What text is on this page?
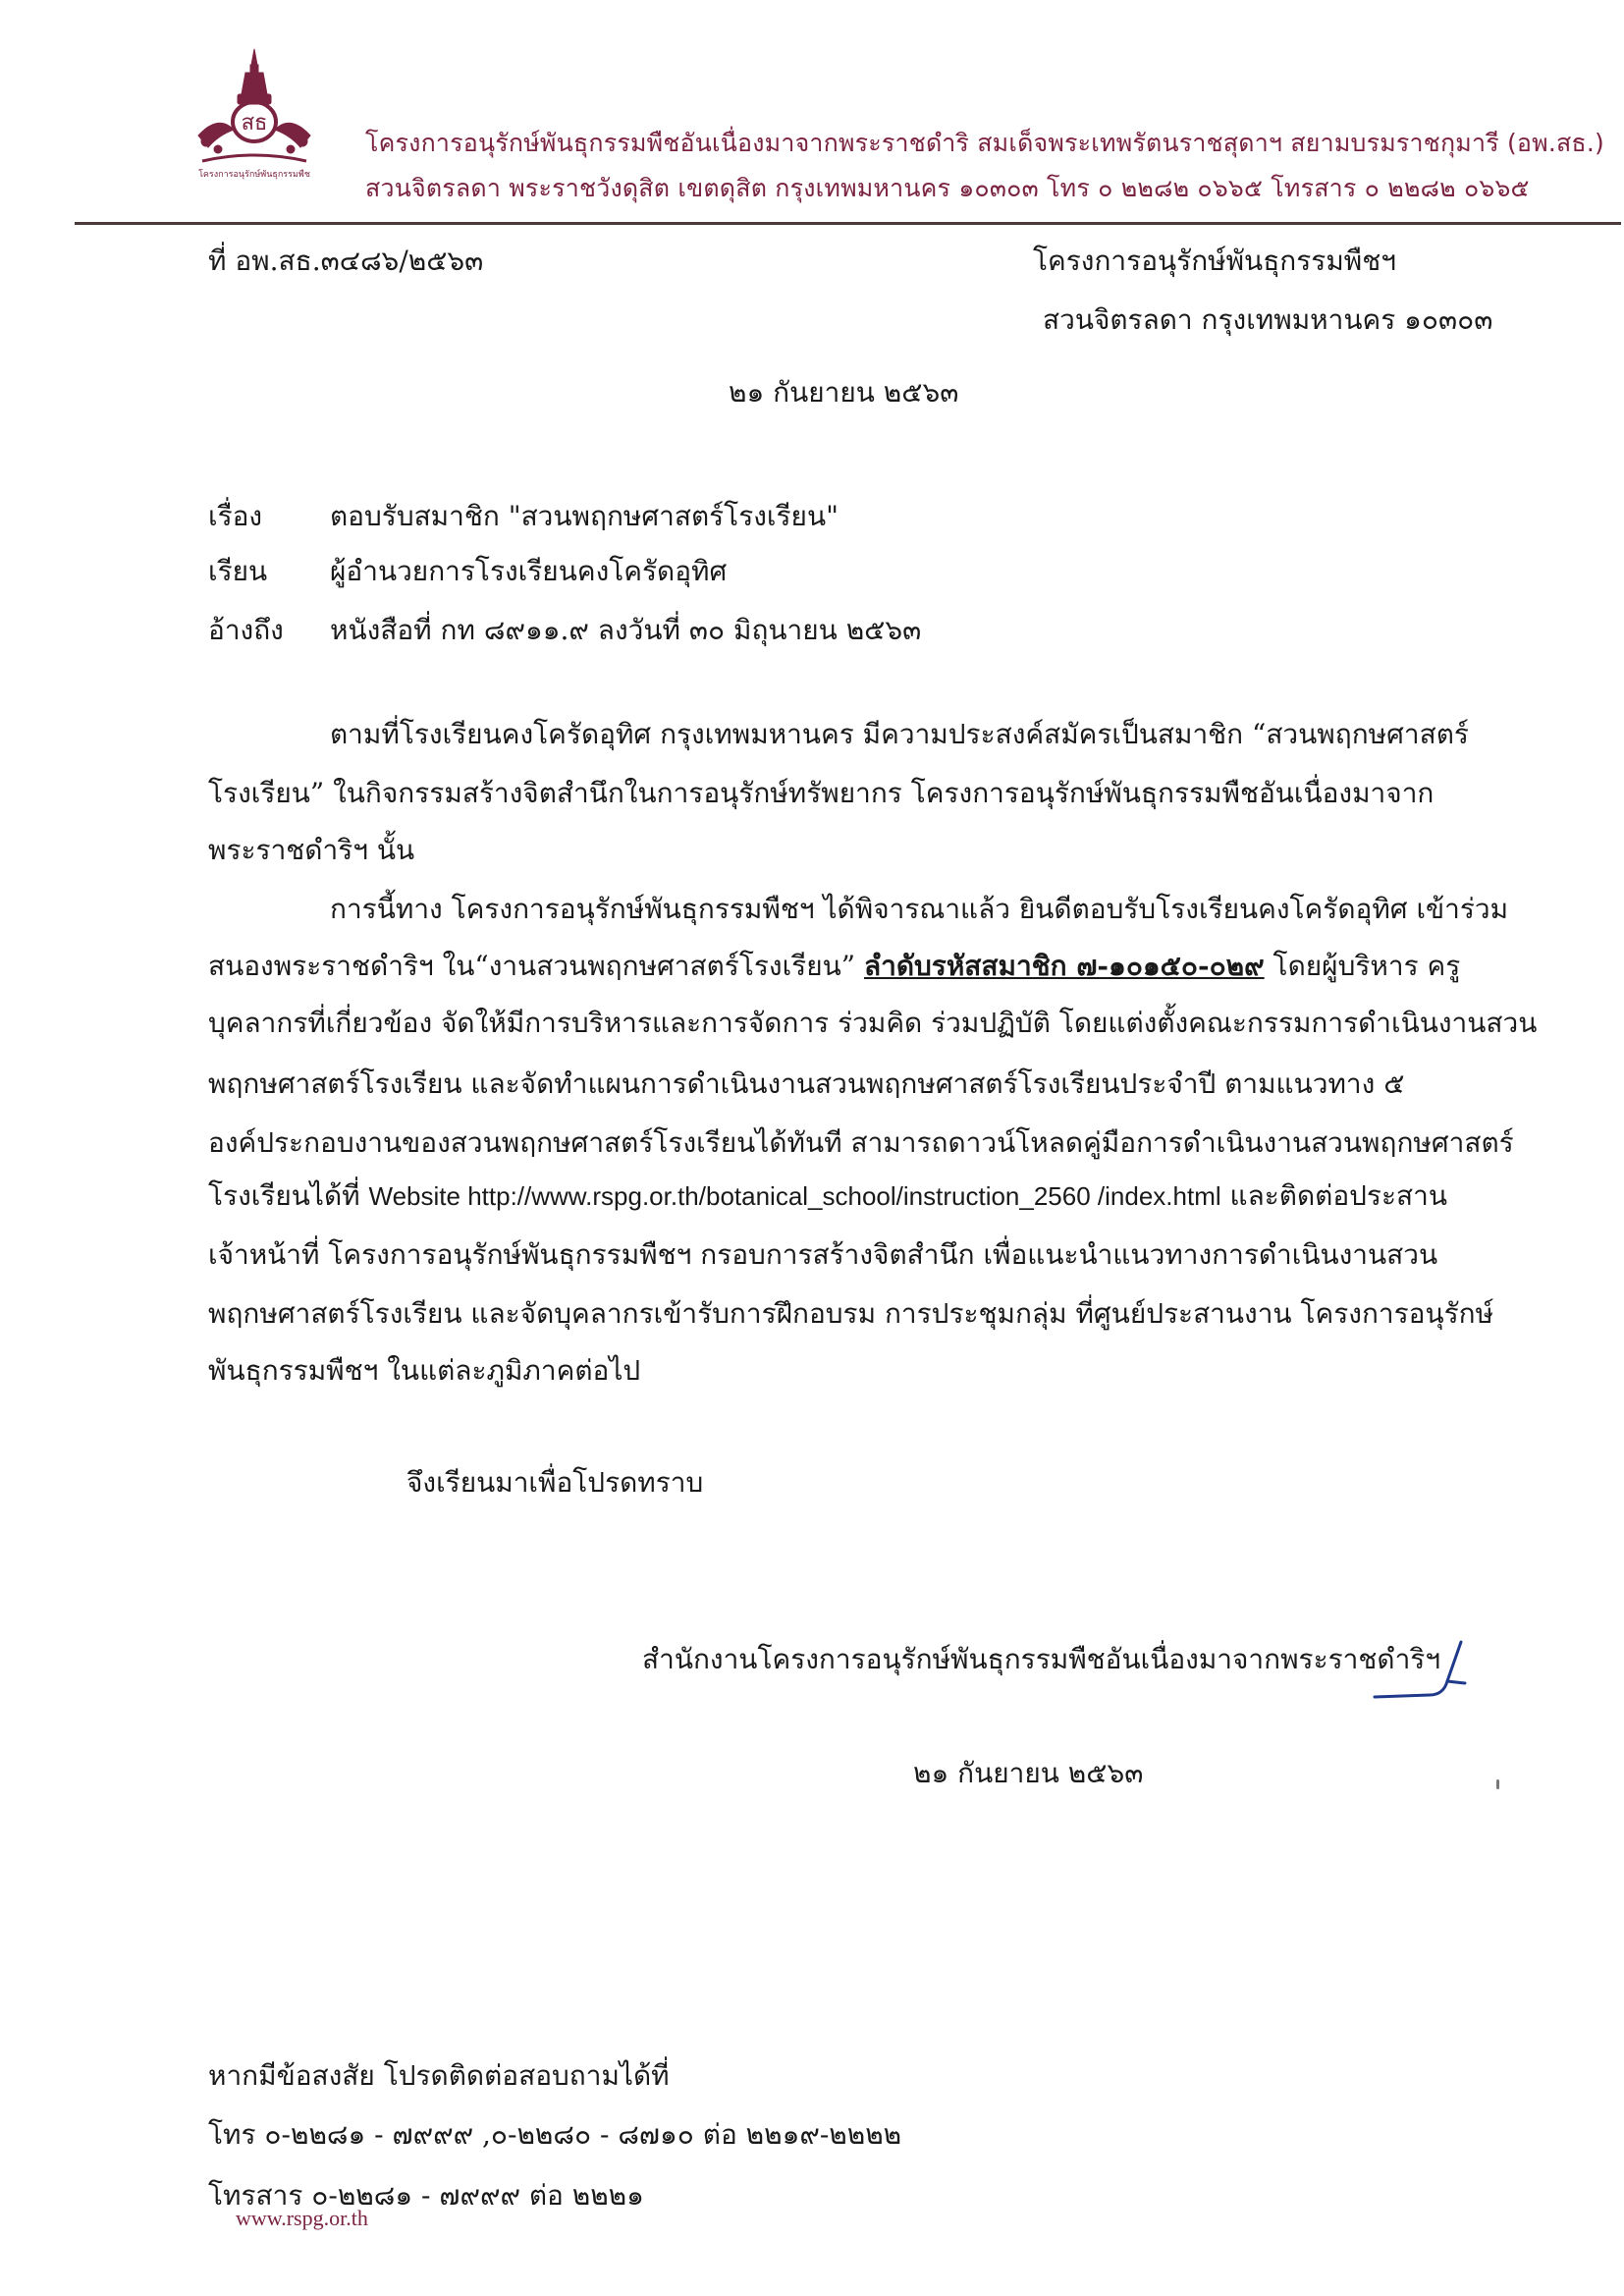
สธ
โครงการอนุรักษ์พันธุกรรมพืช
โครงการอนุรักษ์พันธุกรรมพืชอันเนื่องมาจากพระราชดำริ สมเด็จพระเทพรัตนราชสุดาฯ สยามบรมราชกุมารี (อพ.สธ.)
สวนจิตรลดา พระราชวังดุสิต เขตดุสิต กรุงเทพมหานคร ๑๐๓๐๓ โทร ๐ ๒๒๘๒ ๐๖๖๕ โทรสาร ๐ ๒๒๘๒ ๐๖๖๕
ที่ อพ.สธ.๓๔๘๖/๒๕๖๓	โครงการอนุรักษ์พันธุกรรมพืชฯ
สวนจิตรลดา กรุงเทพมหานคร ๑๐๓๐๓
๒๑ กันยายน ๒๕๖๓
เรื่อง ตอบรับสมาชิก "สวนพฤกษศาสตร์โรงเรียน"
เรียน ผู้อำนวยการโรงเรียนคงโครัดอุทิศ
อ้างถึง หนังสือที่ กท ๘๙๑๑.๙ ลงวันที่ ๓๐ มิถุนายน ๒๕๖๓
ตามที่โรงเรียนคงโครัดอุทิศ กรุงเทพมหานคร มีความประสงค์สมัครเป็นสมาชิก “สวนพฤกษศาสตร์
โรงเรียน” ในกิจกรรมสร้างจิตสำนึกในการอนุรักษ์ทรัพยากร โครงการอนุรักษ์พันธุกรรมพืชอันเนื่องมาจาก
พระราชดำริฯ นั้น
การนี้ทาง โครงการอนุรักษ์พันธุกรรมพืชฯ ได้พิจารณาแล้ว ยินดีตอบรับโรงเรียนคงโครัดอุทิศ เข้าร่วม
สนองพระราชดำริฯ ใน“งานสวนพฤกษศาสตร์โรงเรียน” ลำดับรหัสสมาชิก ๗-๑๐๑๕๐-๐๒๙ โดยผู้บริหาร ครู
บุคลากรที่เกี่ยวข้อง จัดให้มีการบริหารและการจัดการ ร่วมคิด ร่วมปฏิบัติ โดยแต่งตั้งคณะกรรมการดำเนินงานสวน
พฤกษศาสตร์โรงเรียน และจัดทำแผนการดำเนินงานสวนพฤกษศาสตร์โรงเรียนประจำปี ตามแนวทาง ๕
องค์ประกอบงานของสวนพฤกษศาสตร์โรงเรียนได้ทันที สามารถดาวน์โหลดคู่มือการดำเนินงานสวนพฤกษศาสตร์
โรงเรียนได้ที่ Website http://www.rspg.or.th/botanical_school/instruction_2560 /index.html และติดต่อประสาน
เจ้าหน้าที่ โครงการอนุรักษ์พันธุกรรมพืชฯ กรอบการสร้างจิตสำนึก เพื่อแนะนำแนวทางการดำเนินงานสวน
พฤกษศาสตร์โรงเรียน และจัดบุคลากรเข้ารับการฝึกอบรม การประชุมกลุ่ม ที่ศูนย์ประสานงาน โครงการอนุรักษ์
พันธุกรรมพืชฯ ในแต่ละภูมิภาคต่อไป
จึงเรียนมาเพื่อโปรดทราบ
สำนักงานโครงการอนุรักษ์พันธุกรรมพืชอันเนื่องมาจากพระราชดำริฯ
๒๑ กันยายน ๒๕๖๓
หากมีข้อสงสัย โปรดติดต่อสอบถามได้ที่
โทร ๐-๒๒๘๑ - ๗๙๙๙ ,๐-๒๒๘๐ - ๘๗๑๐ ต่อ ๒๒๑๙-๒๒๒๒
โทรสาร ๐-๒๒๘๑ - ๗๙๙๙ ต่อ ๒๒๒๑
www.rspg.or.th
